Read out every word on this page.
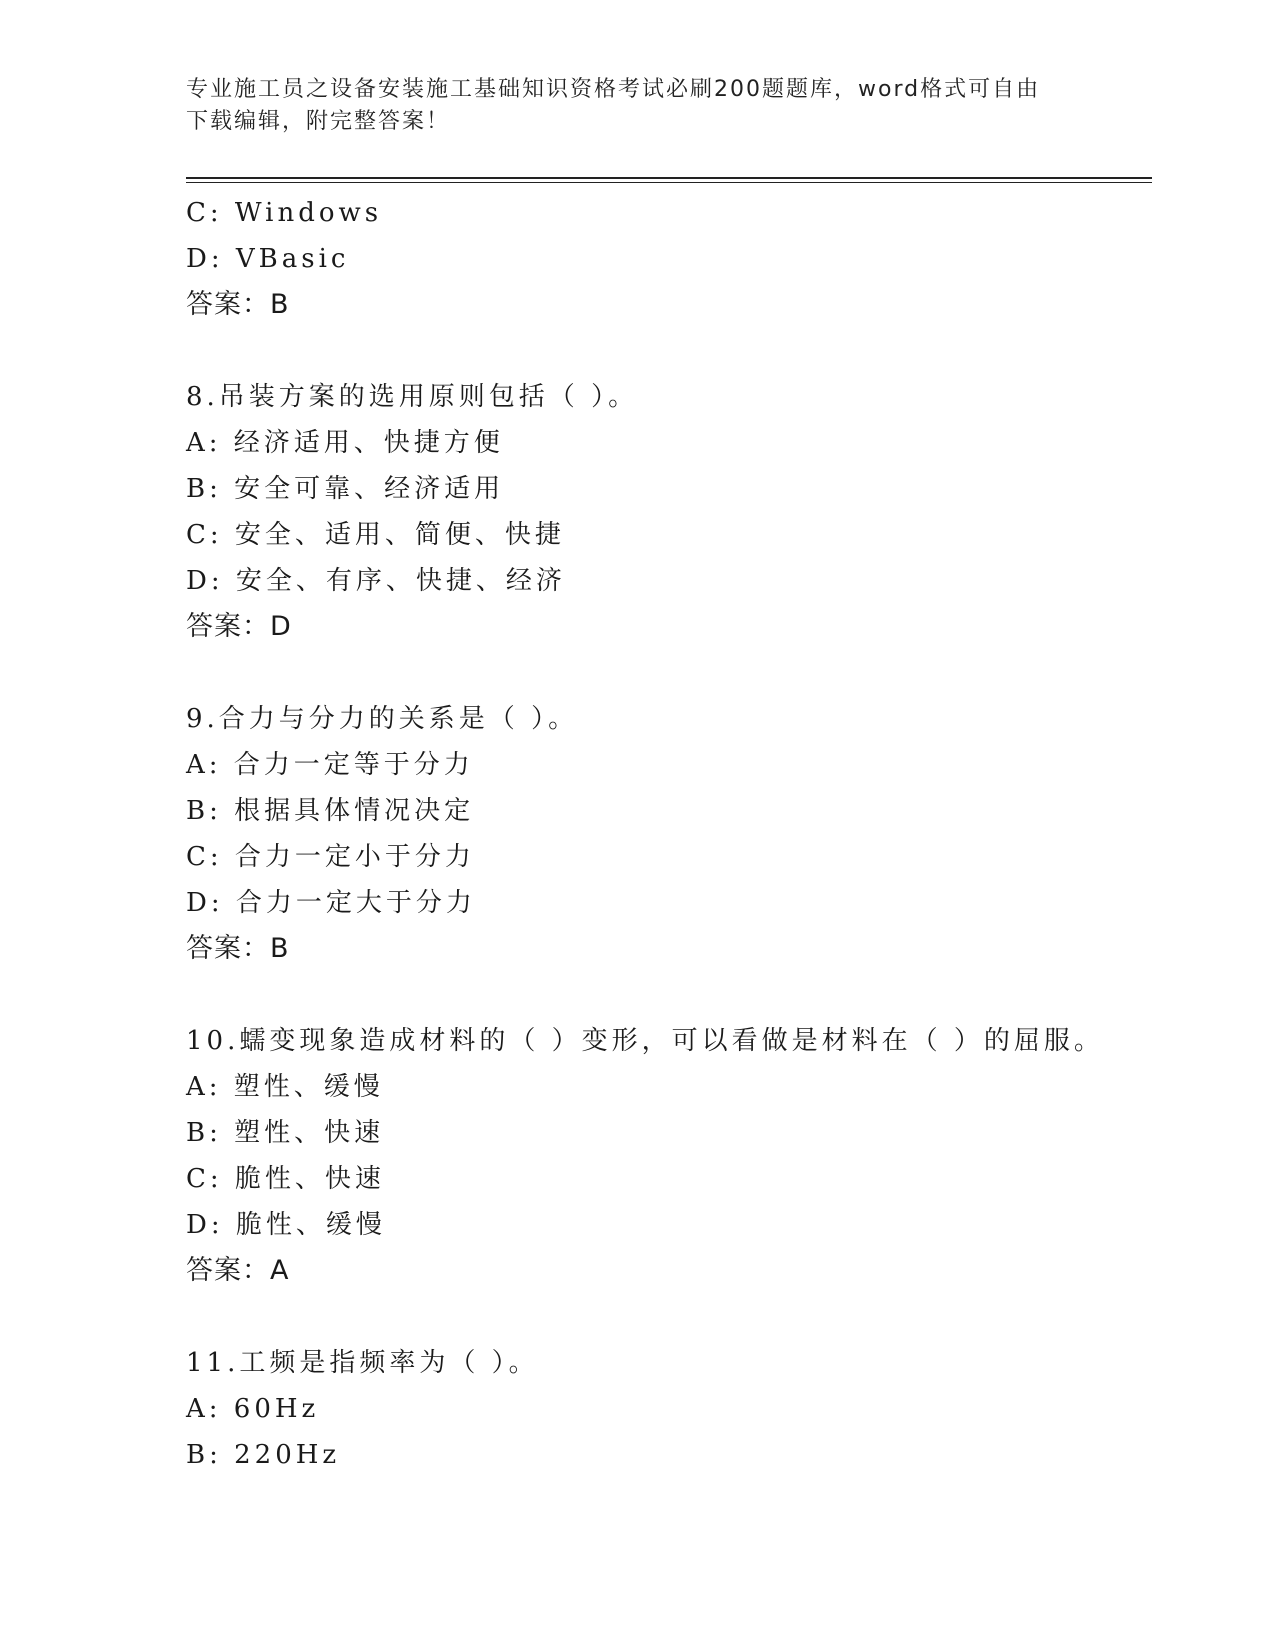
专业施工员之设备安装施工基础知识资格考试必刷200题题库，word格式可自由
下载编辑，附完整答案！
C: Windows
D: VBasic
答案：B
8.吊装方案的选用原则包括（ ）。
A: 经济适用、快捷方便
B: 安全可靠、经济适用
C: 安全、适用、简便、快捷
D: 安全、有序、快捷、经济
答案：D
9.合力与分力的关系是（ ）。
A: 合力一定等于分力
B: 根据具体情况决定
C: 合力一定小于分力
D: 合力一定大于分力
答案：B
10.蠕变现象造成材料的（ ）变形，可以看做是材料在（ ）的屈服。
A: 塑性、缓慢
B: 塑性、快速
C: 脆性、快速
D: 脆性、缓慢
答案：A
11.工频是指频率为（ ）。
A: 60Hz
B: 220Hz
